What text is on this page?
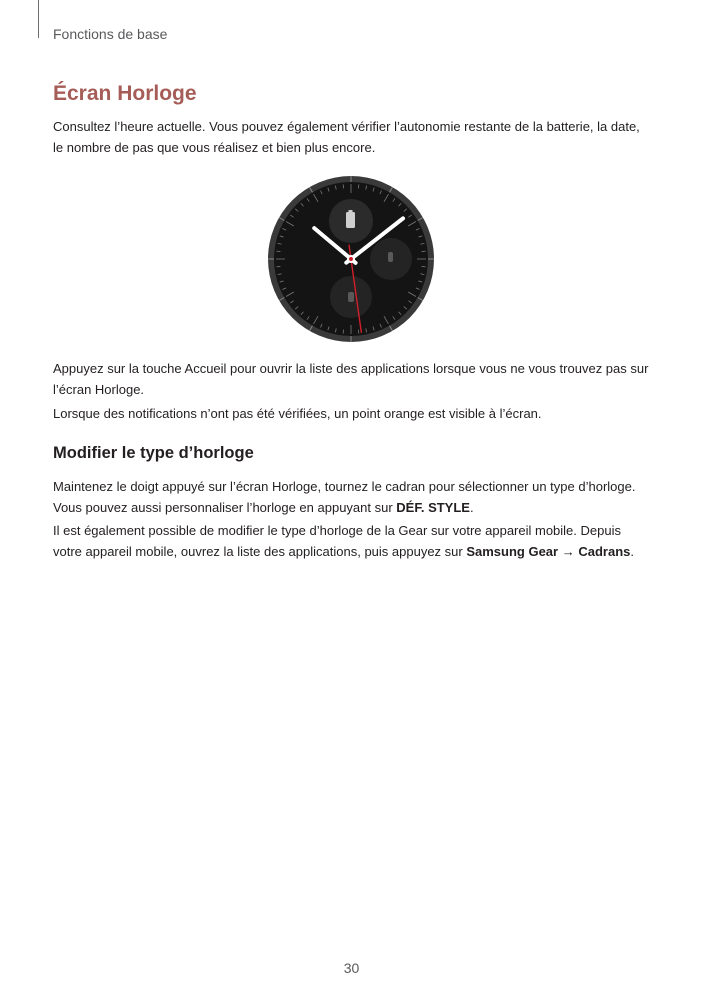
Fonctions de base
Écran Horloge

Consultez l’heure actuelle. Vous pouvez également vérifier l’autonomie restante de la batterie, la date, le nombre de pas que vous réalisez et bien plus encore.

Appuyez sur la touche Accueil pour ouvrir la liste des applications lorsque vous ne vous trouvez pas sur l’écran Horloge.

Lorsque des notifications n’ont pas été vérifiées, un point orange est visible à l’écran.

Modifier le type d’horloge

Maintenez le doigt appuyé sur l’écran Horloge, tournez le cadran pour sélectionner un type d’horloge. Vous pouvez aussi personnaliser l’horloge en appuyant sur DÉF. STYLE.

Il est également possible de modifier le type d’horloge de la Gear sur votre appareil mobile. Depuis votre appareil mobile, ouvrez la liste des applications, puis appuyez sur Samsung Gear → Cadrans.

30
